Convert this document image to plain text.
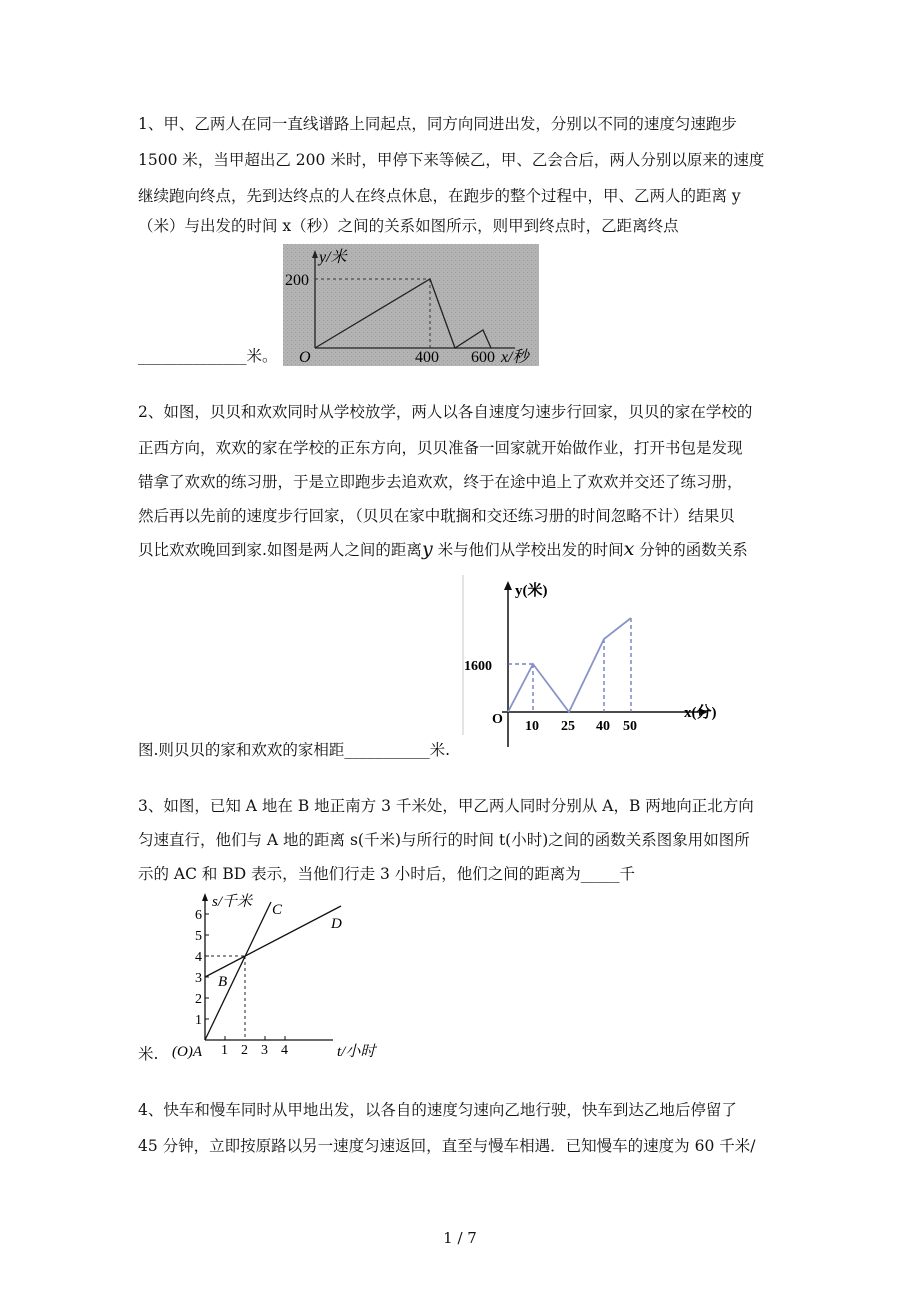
1、甲、乙两人在同一直线谱路上同起点，同方向同进出发，分别以不同的速度匀速跑步
1500 米，当甲超出乙 200 米时，甲停下来等候乙，甲、乙会合后，两人分别以原来的速度
继续跑向终点，先到达终点的人在终点休息，在跑步的整个过程中，甲、乙两人的距离 y
（米）与出发的时间 x（秒）之间的关系如图所示，则甲到终点时，乙距离终点
y/米
200
O	400 600 x/秒
______________米。
2、如图，贝贝和欢欢同时从学校放学，两人以各自速度匀速步行回家，贝贝的家在学校的
正西方向，欢欢的家在学校的正东方向，贝贝准备一回家就开始做作业，打开书包是发现
错拿了欢欢的练习册，于是立即跑步去追欢欢，终于在途中追上了欢欢并交还了练习册，
然后再以先前的速度步行回家，（贝贝在家中耽搁和交还练习册的时间忽略不计）结果贝
贝比欢欢晚回到家.如图是两人之间的距离y 米与他们从学校出发的时间x 分钟的函数关系
y(米)
1600
O 10 25 40 50
x(分)
图.则贝贝的家和欢欢的家相距___________米.
3、如图，已知 A 地在 B 地正南方 3 千米处，甲乙两人同时分别从 A，B 两地向正北方向
匀速直行，他们与 A 地的距离 s(千米)与所行的时间 t(小时)之间的函数关系图象用如图所
示的 AC 和 BD 表示，当他们行走 3 小时后，他们之间的距离为_____千
s/千米
1
2
3
4
5
6
(O)A 1 2 3 4	t/小时
C
D
B
米.
4、快车和慢车同时从甲地出发，以各自的速度匀速向乙地行驶，快车到达乙地后停留了
45 分钟，立即按原路以另一速度匀速返回，直至与慢车相遇．已知慢车的速度为 60 千米/
1 / 7
